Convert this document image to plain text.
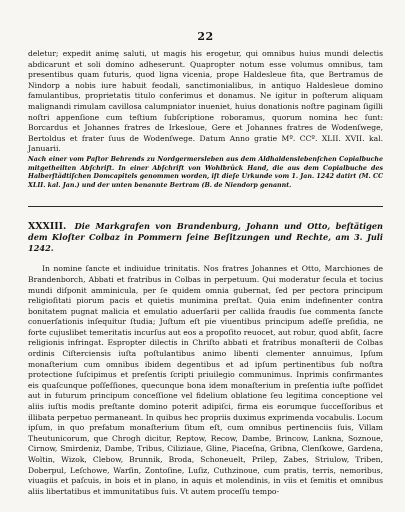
22

deletur; expedit animę saluti, ut magis his erogetur, qui omnibus huius mundi delectis abdicarunt et soli domino adheserunt. Quapropter notum esse volumus omnibus, tam presentibus quam futuris, quod ligna vicenia, prope Haldesleue fita, que Bertramus de Nindorp a nobis iure habuit feodali, sanctimonialibus, in antiquo Haldesleue domino famulantibus, proprietatis titulo conferimus et donamus. Ne igitur in poſterum aliquam malignandi rimulam cavillosa calumpniator inueniet, huius donationis noſtre paginam ſigilli noſtri appenſione cum teſtium ſubſcriptione roboramus, quorum nomina hec ſunt: Borcardus et Johannes fratres de Irkesloue, Gere et Johannes fratres de Wodenſwege, Bertoldus et frater ſuus de Wodenſwege. Datum Anno gratie Mº. CCº. XLII. XVII. kal. Januarii.

Nach einer vom Paſtor Behrends zu Nordgermersleben aus dem Aldhaldenslebenſchen Copialbuche mitgetheilten Abſchrift. In einer Abſchrift von Wohlbrück Hand, die aus dem Copialbuche des Halberſtädtiſchen Domcapitels genommen worden, iſt dieſe Urkunde vom 1. Jan. 1242 datirt (M. CC XLII. kal. Jan.) und der unten benannte Bertram (B. de Niendorp genannt.

XXXIII. Die Markgrafen von Brandenburg, Johann und Otto, beſtätigen dem Kloſter Colbaz in Pommern ſeine Beſitzungen und Rechte, am 3. Juli 1242.

In nomine ſancte et indiuidue trinitatis. Nos fratres Johannes et Otto, Marchiones de Brandenborch, Abbati et fratribus in Colbas in perpetuum. Qui moderatur ſecula et tocius mundi diſponit amminicula, per ſe quidem omnia gubernat, ſed per pectora principum religioſitati piorum pacis et quietis munimina preſtat. Quia enim indefinenter contra bonitatem pugnat malicia et emulatio aduerſarii per callida fraudis ſue commenta ſancte conuerſationis inſequitur ſtudia; Juſtum eſt pie viuentibus principum adeſſe preſidia, ne forte cujuslibet temeritatis incurſus aut eos a propoſito reuocet, aut robur, quod abſit, ſacre religionis infringat. Espropter dilectis in Chriſto abbati et fratribus monaſterii de Colbas ordinis Ciſterciensis iuſta poſtulantibus animo libenti clementer annuimus, Ipſum monaſterium cum omnibus ibidem degentibus et ad ipſum pertinentibus ſub noſtra protectione ſuſcipimus et preſentis ſcripti priuilegio communimus. Inprimis confirmantes eis quaſcunque poſſeſſiones, quecunque bona idem monaſterium in preſentia iuſte poſſidet aut in futurum principum conceſſione vel fidelium oblatione ſeu legitima conceptione vel aliis iuſtis modis preſtante domino poterit adipiſci, firma eis eorumque ſucceſſoribus et illibata perpetuo permaneant. In quibus hec propriis duximus exprimenda vocabulis. Locum ipſum, in quo prefatum monaſterium ſitum eſt, cum omnibus pertinenciis ſuis, Villam Theutunicorum, que Chrogh dicitur, Reptow, Recow, Dambe, Brincow, Lankna, Soznoue, Cirnow, Smirdeniz, Dambe, Tribus, Ciliziaue, Gline, Piaceſna, Gribna, Clenſkowe, Gardena, Woltin, Wizok, Clebow, Brunnik, Broda, Schoneuelt, Prilep, Zabes, Striulow, Triben, Doberpul, Leſchowe, Warſin, Zontoſine, Luſiz, Cuthzinoue, cum pratis, terris, nemoribus, viuagiis et paſcuis, in bois et in plano, in aquis et molendinis, in viis et ſemitis et omnibus aliis libertatibus et immunitatibus ſuis. Vt autem proceſſu tempo-
